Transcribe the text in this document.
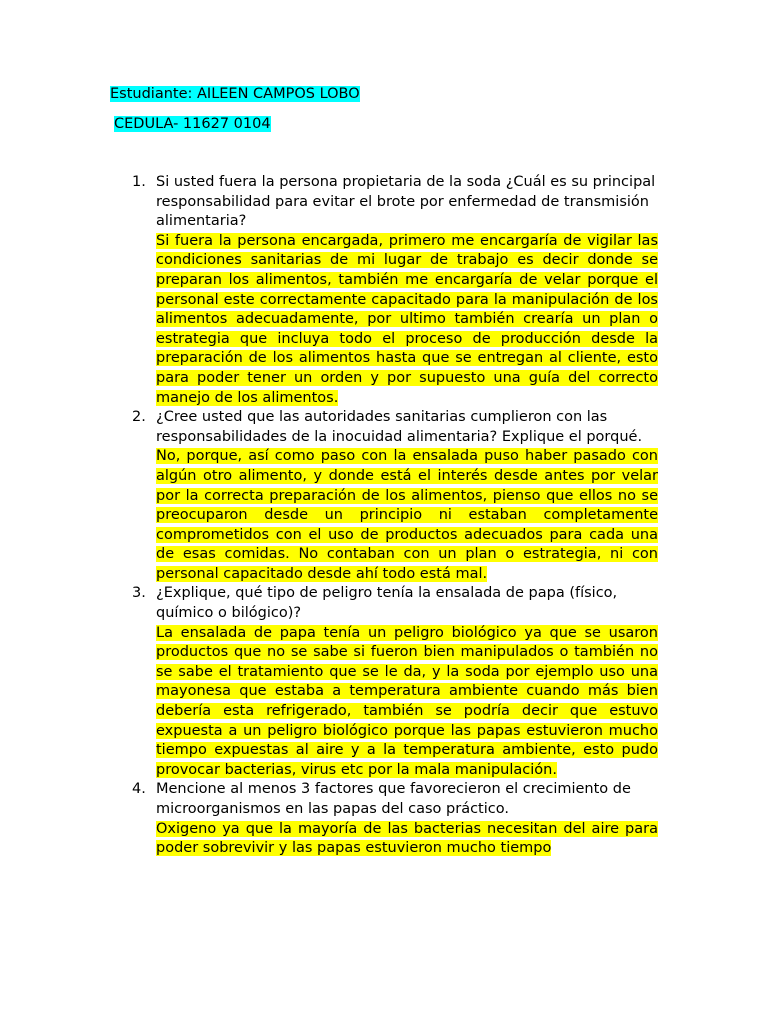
Estudiante: AILEEN CAMPOS LOBO
CEDULA- 11627 0104
1. Si usted fuera la persona propietaria de la soda ¿Cuál es su principal responsabilidad para evitar el brote por enfermedad de transmisión alimentaria?
Si fuera la persona encargada, primero me encargaría de vigilar las condiciones sanitarias de mi lugar de trabajo es decir donde se preparan los alimentos, también me encargaría de velar porque el personal este correctamente capacitado para la manipulación de los alimentos adecuadamente, por ultimo también crearía un plan o estrategia que incluya todo el proceso de producción desde la preparación de los alimentos hasta que se entregan al cliente, esto para poder tener un orden y por supuesto una guía del correcto manejo de los alimentos.
2. ¿Cree usted que las autoridades sanitarias cumplieron con las responsabilidades de la inocuidad alimentaria? Explique el porqué.
No, porque, así como paso con la ensalada puso haber pasado con algún otro alimento, y donde está el interés desde antes por velar por la correcta preparación de los alimentos, pienso que ellos no se preocuparon desde un principio ni estaban completamente comprometidos con el uso de productos adecuados para cada una de esas comidas. No contaban con un plan o estrategia, ni con personal capacitado desde ahí todo está mal.
3. ¿Explique, qué tipo de peligro tenía la ensalada de papa (físico, químico o bilógico)?
La ensalada de papa tenía un peligro biológico ya que se usaron productos que no se sabe si fueron bien manipulados o también no se sabe el tratamiento que se le da, y la soda por ejemplo uso una mayonesa que estaba a temperatura ambiente cuando más bien debería esta refrigerado, también se podría decir que estuvo expuesta a un peligro biológico porque las papas estuvieron mucho tiempo expuestas al aire y a la temperatura ambiente, esto pudo provocar bacterias, virus etc por la mala manipulación.
4. Mencione al menos 3 factores que favorecieron el crecimiento de microorganismos en las papas del caso práctico.
Oxigeno ya que la mayoría de las bacterias necesitan del aire para poder sobrevivir y las papas estuvieron mucho tiempo
